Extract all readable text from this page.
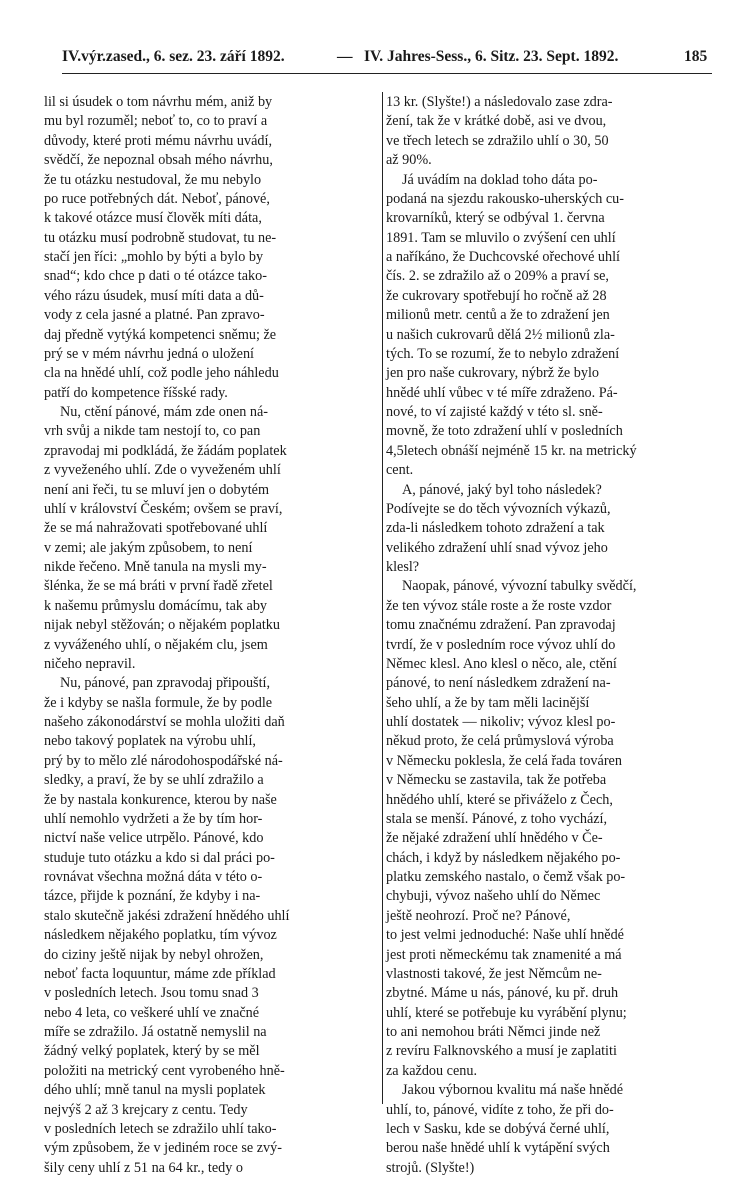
IV.výr.zased., 6. sez. 23. září 1892.	— IV. Jahres-Sess., 6. Sitz. 23. Sept. 1892.	185
lil si úsudek o tom návrhu mém, aniž by
mu byl rozuměl; neboť to, co to praví a
důvody, které proti mému návrhu uvádí,
svědčí, že nepoznal obsah mého návrhu,
že tu otázku nestudoval, že mu nebylo
po ruce potřebných dát. Neboť, pánové,
k takové otázce musí člověk míti dáta,
tu otázku musí podrobně studovat, tu ne-
stačí jen říci: „mohlo by býti a bylo by
snad“; kdo chce p dati o té otázce tako-
vého rázu úsudek, musí míti data a dů-
vody z cela jasné a platné. Pan zpravo-
daj předně vytýká kompetenci sněmu; že
prý se v mém návrhu jedná o uložení
cla na hnědé uhlí, což podle jeho náhledu
patří do kompetence říšské rady.
Nu, ctění pánové, mám zde onen ná-
vrh svůj a nikde tam nestojí to, co pan
zpravodaj mi podkládá, že žádám poplatek
z vyveženého uhlí. Zde o vyveženém uhlí
není ani řeči, tu se mluví jen o dobytém
uhlí v království Českém; ovšem se praví,
že se má nahražovati spotřebované uhlí
v zemi; ale jakým způsobem, to není
nikde řečeno. Mně tanula na mysli my-
šlénka, že se má bráti v první řadě zřetel
k našemu průmyslu domácímu, tak aby
nijak nebyl stěžován; o nějakém poplatku
z vyváženého uhlí, o nějakém clu, jsem
ničeho nepravil.
Nu, pánové, pan zpravodaj připouští,
že i kdyby se našla formule, že by podle
našeho zákonodárství se mohla uložiti daň
nebo takový poplatek na výrobu uhlí,
prý by to mělo zlé národohospodářské ná-
sledky, a praví, že by se uhlí zdražilo a
že by nastala konkurence, kterou by naše
uhlí nemohlo vydržeti a že by tím hor-
nictví naše velice utrpělo. Pánové, kdo
studuje tuto otázku a kdo si dal práci po-
rovnávat všechna možná dáta v této o-
tázce, přijde k poznání, že kdyby i na-
stalo skutečně jakési zdražení hnědého uhlí
následkem nějakého poplatku, tím vývoz
do ciziny ještě nijak by nebyl ohrožen,
neboť facta loquuntur, máme zde příklad
v posledních letech. Jsou tomu snad 3
nebo 4 leta, co veškeré uhlí ve značné
míře se zdražilo. Já ostatně nemyslil na
žádný velký poplatek, který by se měl
položiti na metrický cent vyrobeného hně-
dého uhlí; mně tanul na mysli poplatek
nejvýš 2 až 3 krejcary z centu. Tedy
v posledních letech se zdražilo uhlí tako-
vým způsobem, že v jediném roce se zvý-
šily ceny uhlí z 51 na 64 kr., tedy o
13 kr. (Slyšte!) a následovalo zase zdra-
žení, tak že v krátké době, asi ve dvou,
ve třech letech se zdražilo uhlí o 30, 50
až 90%.
Já uvádím na doklad toho dáta po-
podaná na sjezdu rakousko-uherských cu-
krovarníků, který se odbýval 1. června
1891. Tam se mluvilo o zvýšení cen uhlí
a naříkáno, že Duchcovské ořechové uhlí
čís. 2. se zdražilo až o 209% a praví se,
že cukrovary spotřebují ho ročně až 28
milionů metr. centů a že to zdražení jen
u našich cukrovarů dělá 2½ milionů zla-
tých. To se rozumí, že to nebylo zdražení
jen pro naše cukrovary, nýbrž že bylo
hnědé uhlí vůbec v té míře zdraženo. Pá-
nové, to ví zajisté každý v této sl. sně-
movně, že toto zdražení uhlí v posledních
4,5letech obnáší nejméně 15 kr. na metrický
cent.
A, pánové, jaký byl toho následek?
Podívejte se do těch vývozních výkazů,
zda-li následkem tohoto zdražení a tak
velikého zdražení uhlí snad vývoz jeho
klesl?
Naopak, pánové, vývozní tabulky svědčí,
že ten vývoz stále roste a že roste vzdor
tomu značnému zdražení. Pan zpravodaj
tvrdí, že v posledním roce vývoz uhlí do
Němec klesl. Ano klesl o něco, ale, ctění
pánové, to není následkem zdražení na-
šeho uhlí, a že by tam měli lacinější
uhlí dostatek — nikoliv; vývoz klesl po-
někud proto, že celá průmyslová výroba
v Německu poklesla, že celá řada továren
v Německu se zastavila, tak že potřeba
hnědého uhlí, které se přiváželo z Čech,
stala se menší. Pánové, z toho vychází,
že nějaké zdražení uhlí hnědého v Če-
chách, i když by následkem nějakého po-
platku zemského nastalo, o čemž však po-
chybuji, vývoz našeho uhlí do Němec
ještě neohrozí. Proč ne? Pánové,
to jest velmi jednoduché: Naše uhlí hnědé
jest proti německému tak znamenité a má
vlastnosti takové, že jest Němcům ne-
zbytné. Máme u nás, pánové, ku př. druh
uhlí, které se potřebuje ku vyrábění plynu;
to ani nemohou bráti Němci jinde než
z revíru Falknovského a musí je zaplatiti
za každou cenu.
Jakou výbornou kvalitu má naše hnědé
uhlí, to, pánové, vidíte z toho, že při do-
lech v Sasku, kde se dobývá černé uhlí,
berou naše hnědé uhlí k vytápění svých
strojů. (Slyšte!)
